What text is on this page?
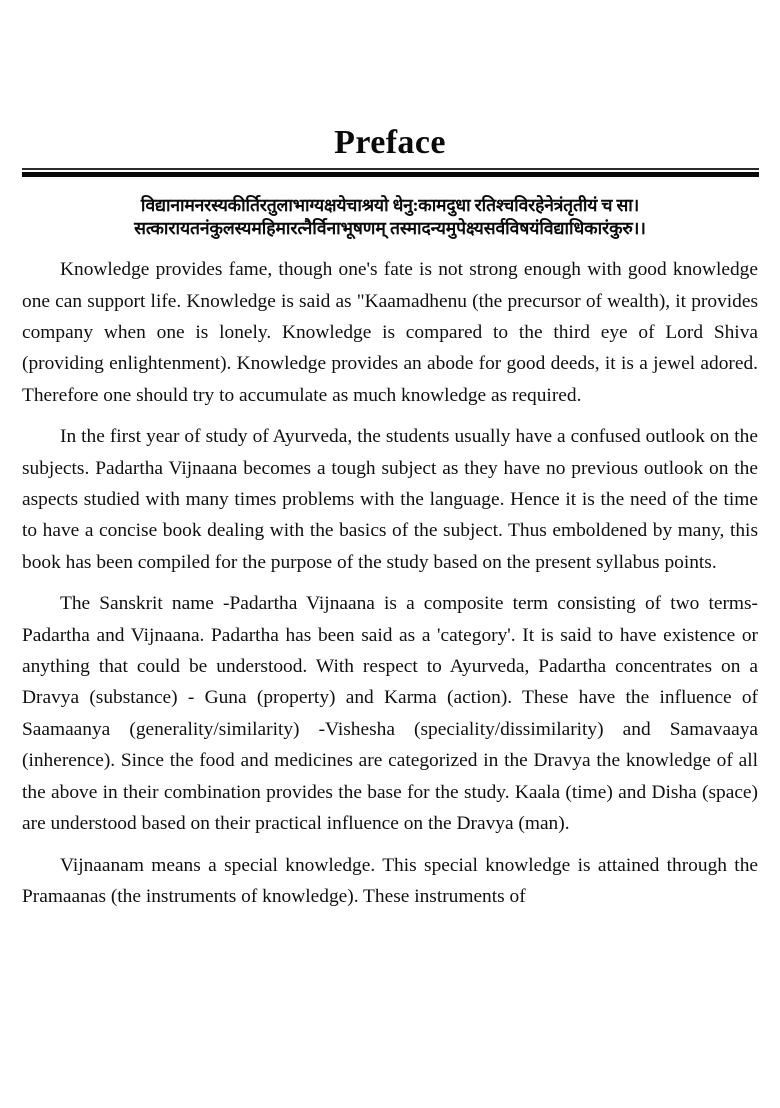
Preface
विद्यानामनरस्यकीर्तिरतुलाभाग्यक्षयेचाश्रयो धेनु:कामदुधा रतिश्चविरहेनेत्रंतृतीयं च सा।
सत्कारायतनंकुलस्यमहिमारत्नैर्विनाभूषणम् तस्मादन्यमुपेक्ष्यसर्वविषयंविद्याधिकारंकुरु।।

Knowledge provides fame, though one's fate is not strong enough with good knowledge one can support life. Knowledge is said as "Kaamadhenu (the precursor of wealth), it provides company when one is lonely. Knowledge is compared to the third eye of Lord Shiva (providing enlightenment). Knowledge provides an abode for good deeds, it is a jewel adored. Therefore one should try to accumulate as much knowledge as required.

In the first year of study of Ayurveda, the students usually have a confused outlook on the subjects. Padartha Vijnaana becomes a tough subject as they have no previous outlook on the aspects studied with many times problems with the language. Hence it is the need of the time to have a concise book dealing with the basics of the subject. Thus emboldened by many, this book has been compiled for the purpose of the study based on the present syllabus points.

The Sanskrit name -Padartha Vijnaana is a composite term consisting of two terms- Padartha and Vijnaana. Padartha has been said as a 'category'. It is said to have existence or anything that could be understood. With respect to Ayurveda, Padartha concentrates on a Dravya (substance) - Guna (property) and Karma (action). These have the influence of Saamaanya (generality/similarity) -Vishesha (speciality/dissimilarity) and Samavaaya (inherence). Since the food and medicines are categorized in the Dravya the knowledge of all the above in their combination provides the base for the study. Kaala (time) and Disha (space) are understood based on their practical influence on the Dravya (man).

Vijnaanam means a special knowledge. This special knowledge is attained through the Pramaanas (the instruments of knowledge). These instruments of
